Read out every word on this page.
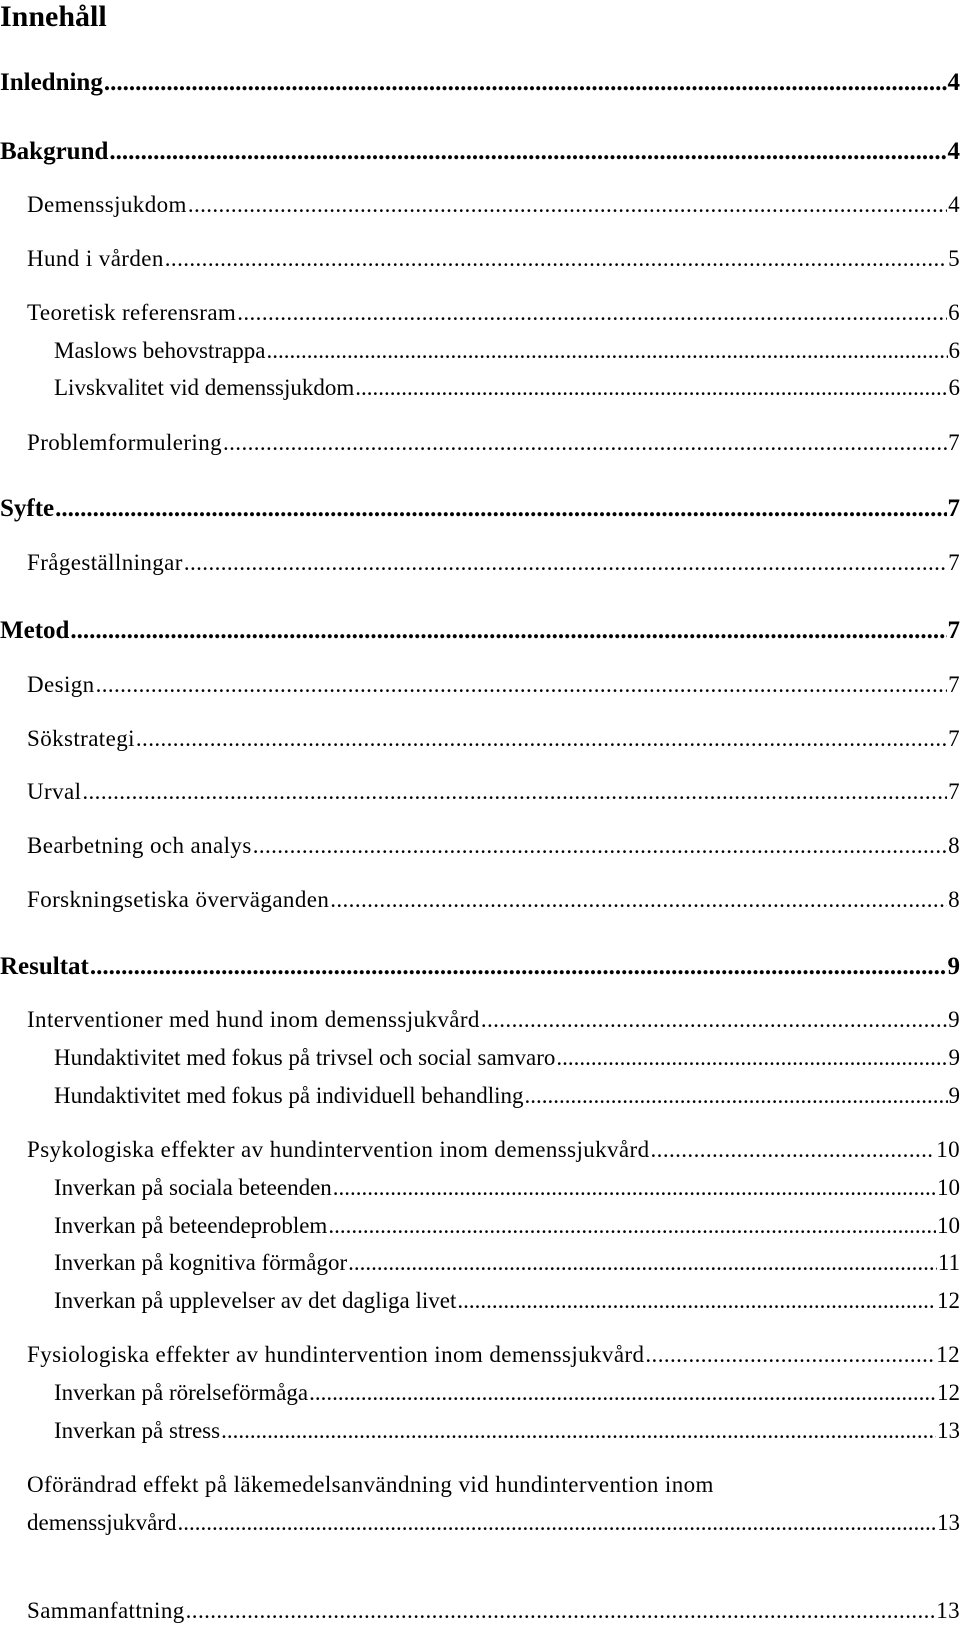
Innehåll
Inledning .....	4
Bakgrund .....	4
Demenssjukdom .....	4
Hund i vården .....	5
Teoretisk referensram .....	6
Maslows behovstrappa .....	6
Livskvalitet vid demenssjukdom .....	6
Problemformulering .....	7
Syfte .....	7
Frågeställningar .....	7
Metod .....	7
Design .....	7
Sökstrategi .....	7
Urval .....	7
Bearbetning och analys .....	8
Forskningsetiska överväganden .....	8
Resultat .....	9
Interventioner med hund inom demenssjukvård .....	9
Hundaktivitet med fokus på trivsel och social samvaro .....	9
Hundaktivitet med fokus på individuell behandling .....	9
Psykologiska effekter av hundintervention inom demenssjukvård .....	10
Inverkan på sociala beteenden .....	10
Inverkan på beteendeproblem .....	10
Inverkan på kognitiva förmågor .....	11
Inverkan på upplevelser av det dagliga livet .....	12
Fysiologiska effekter av hundintervention inom demenssjukvård .....	12
Inverkan på rörelseförmåga .....	12
Inverkan på stress .....	13
Oförändrad effekt på läkemedelsanvändning vid hundintervention inom
demenssjukvård .....	13
Sammanfattning .....	13
